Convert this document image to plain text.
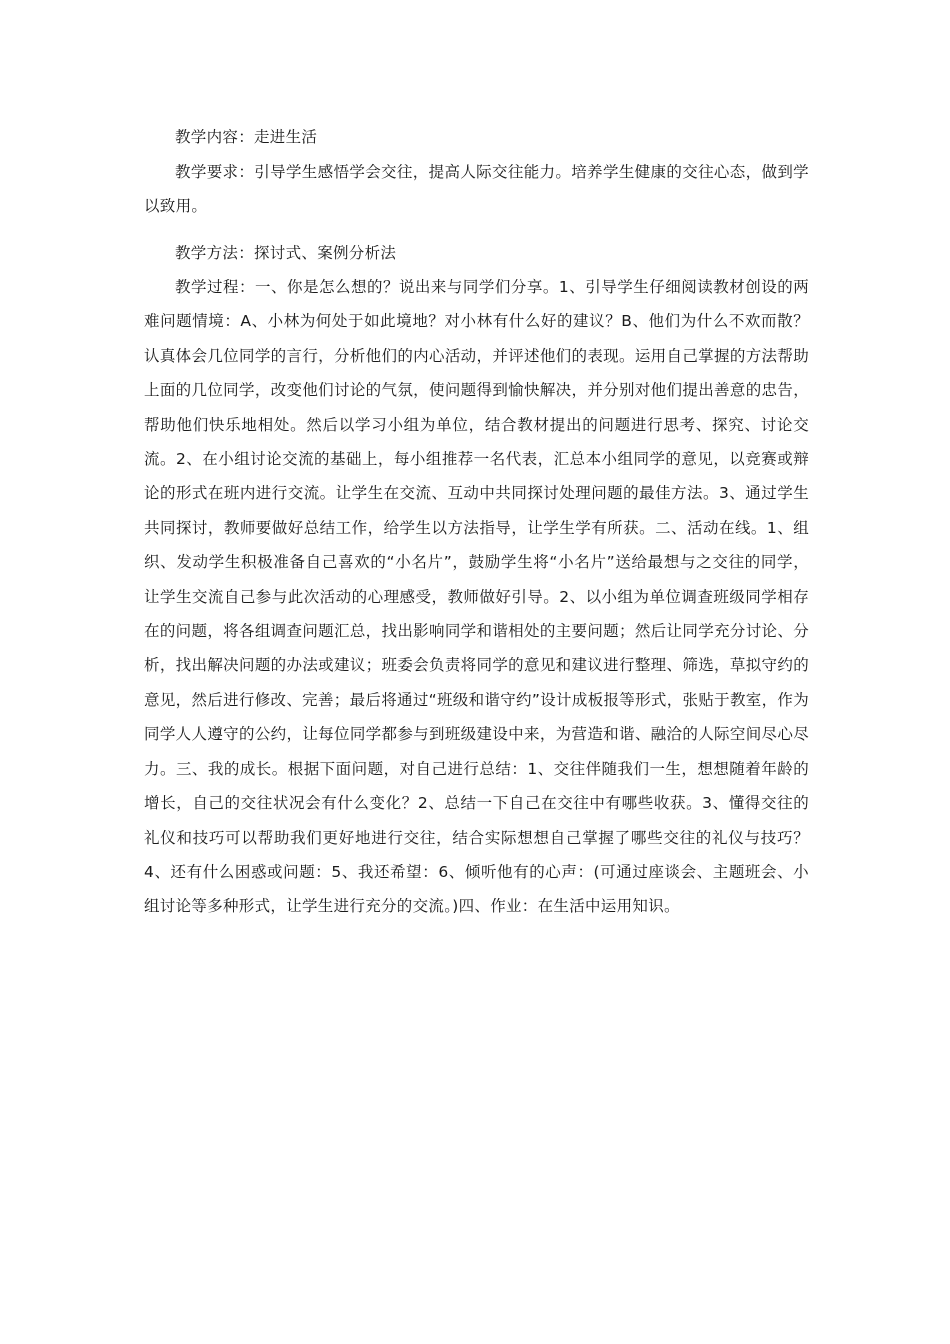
教学内容：走进生活

教学要求：引导学生感悟学会交往，提高人际交往能力。培养学生健康的交往心态，做到学以致用。

教学方法：探讨式、案例分析法

教学过程：一、你是怎么想的？说出来与同学们分享。1、引导学生仔细阅读教材创设的两难问题情境：A、小林为何处于如此境地？对小林有什么好的建议？B、他们为什么不欢而散？认真体会几位同学的言行，分析他们的内心活动，并评述他们的表现。运用自己掌握的方法帮助上面的几位同学，改变他们讨论的气氛，使问题得到愉快解决，并分别对他们提出善意的忠告，帮助他们快乐地相处。然后以学习小组为单位，结合教材提出的问题进行思考、探究、讨论交流。2、在小组讨论交流的基础上，每小组推荐一名代表，汇总本小组同学的意见，以竞赛或辩论的形式在班内进行交流。让学生在交流、互动中共同探讨处理问题的最佳方法。3、通过学生共同探讨，教师要做好总结工作，给学生以方法指导，让学生学有所获。二、活动在线。1、组织、发动学生积极准备自己喜欢的“小名片”，鼓励学生将“小名片”送给最想与之交往的同学，让学生交流自己参与此次活动的心理感受，教师做好引导。2、以小组为单位调查班级同学相存在的问题，将各组调查问题汇总，找出影响同学和谐相处的主要问题；然后让同学充分讨论、分析，找出解决问题的办法或建议；班委会负责将同学的意见和建议进行整理、筛选，草拟守约的意见，然后进行修改、完善；最后将通过“班级和谐守约”设计成板报等形式，张贴于教室，作为同学人人遵守的公约，让每位同学都参与到班级建设中来，为营造和谐、融洽的人际空间尽心尽力。三、我的成长。根据下面问题，对自己进行总结：1、交往伴随我们一生，想想随着年龄的增长，自己的交往状况会有什么变化？2、总结一下自己在交往中有哪些收获。3、懂得交往的礼仪和技巧可以帮助我们更好地进行交往，结合实际想想自己掌握了哪些交往的礼仪与技巧？4、还有什么困惑或问题：5、我还希望：6、倾听他有的心声：(可通过座谈会、主题班会、小组讨论等多种形式，让学生进行充分的交流。)四、作业：在生活中运用知识。
